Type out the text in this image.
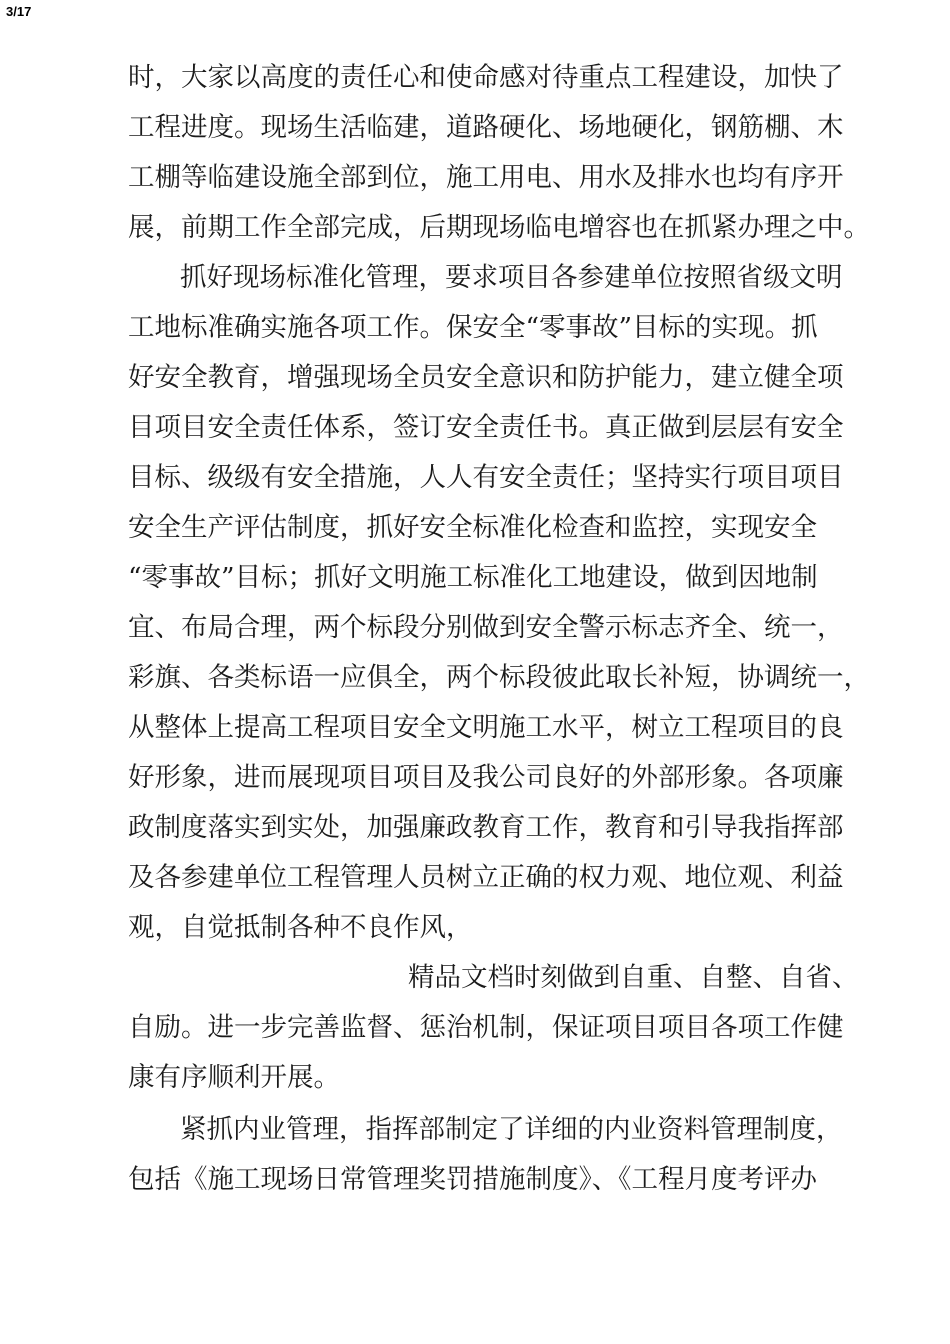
3/17
时，大家以高度的责任心和使命感对待重点工程建设，加快了
工程进度。现场生活临建，道路硬化、场地硬化，钢筋棚、木
工棚等临建设施全部到位，施工用电、用水及排水也均有序开
展，前期工作全部完成，后期现场临电增容也在抓紧办理之中。
抓好现场标准化管理，要求项目各参建单位按照省级文明
工地标准确实施各项工作。保安全“零事故”目标的实现。抓
好安全教育，增强现场全员安全意识和防护能力，建立健全项
目项目安全责任体系，签订安全责任书。真正做到层层有安全
目标、级级有安全措施，人人有安全责任；坚持实行项目项目
安全生产评估制度，抓好安全标准化检查和监控，实现安全
“零事故”目标；抓好文明施工标准化工地建设，做到因地制
宜、布局合理，两个标段分别做到安全警示标志齐全、统一，
彩旗、各类标语一应俱全，两个标段彼此取长补短，协调统一，
从整体上提高工程项目安全文明施工水平，树立工程项目的良
好形象，进而展现项目项目及我公司良好的外部形象。各项廉
政制度落实到实处，加强廉政教育工作，教育和引导我指挥部
及各参建单位工程管理人员树立正确的权力观、地位观、利益
观，自觉抵制各种不良作风，
精品文档时刻做到自重、自整、自省、
自励。进一步完善监督、惩治机制，保证项目项目各项工作健
康有序顺利开展。
紧抓内业管理，指挥部制定了详细的内业资料管理制度，
包括《施工现场日常管理奖罚措施制度》、《工程月度考评办
